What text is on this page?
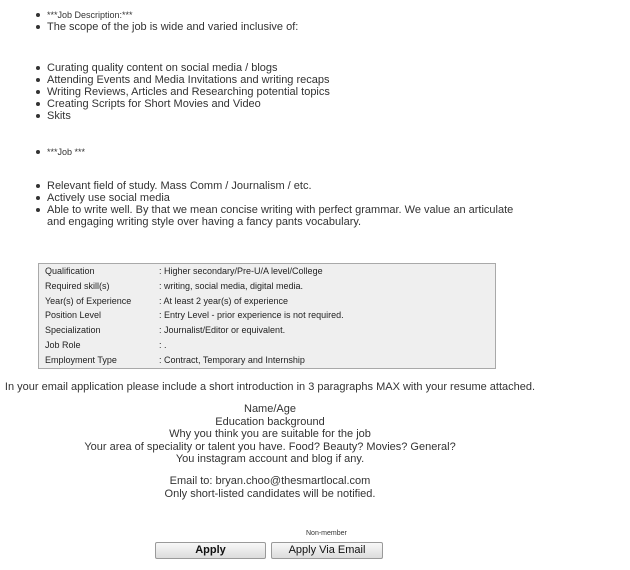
***Job Description:***
The scope of the job is wide and varied inclusive of:
Curating quality content on social media / blogs
Attending Events and Media Invitations and writing recaps
Writing Reviews, Articles and Researching potential topics
Creating Scripts for Short Movies and Video
Skits
***Job ***
Relevant field of study. Mass Comm / Journalism / etc.
Actively use social media
Able to write well. By that we mean concise writing with perfect grammar. We value an articulate and engaging writing style over having a fancy pants vocabulary.
Qualification	: Higher secondary/Pre-U/A level/College
Required skill(s)	: writing, social media, digital media.
Year(s) of Experience	: At least 2 year(s) of experience
Position Level	: Entry Level - prior experience is not required.
Specialization	: Journalist/Editor or equivalent.
Job Role	: .
Employment Type	: Contract, Temporary and Internship
In your email application please include a short introduction in 3 paragraphs MAX with your resume attached.
Name/Age
Education background
Why you think you are suitable for the job
Your area of speciality or talent you have. Food? Beauty? Movies? General?
You instagram account and blog if any.
Email to: bryan.choo@thesmartlocal.com
Only short-listed candidates will be notified.
Non-member
Apply	Apply Via Email
